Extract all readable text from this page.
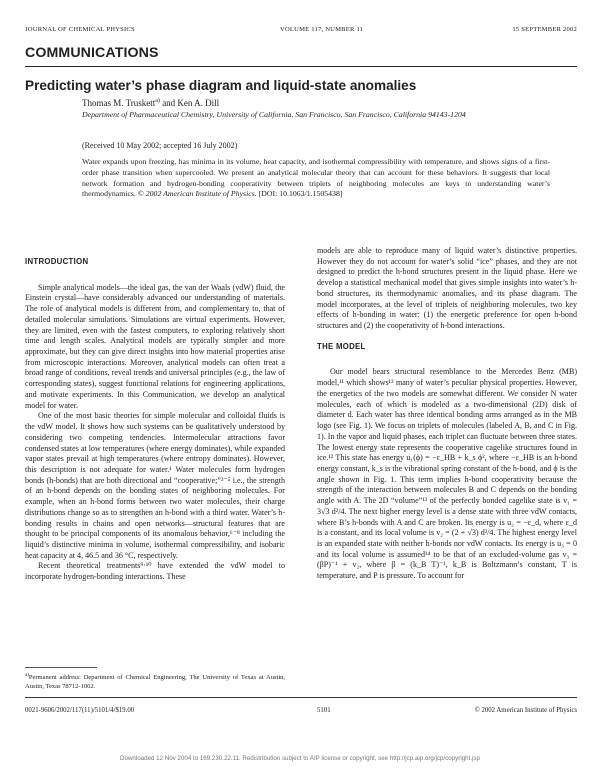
JOURNAL OF CHEMICAL PHYSICS	VOLUME 117, NUMBER 11	15 SEPTEMBER 2002
COMMUNICATIONS
Predicting water’s phase diagram and liquid-state anomalies
Thomas M. Truskett$^{a)}$ and Ken A. Dill
Department of Pharmaceutical Chemistry, University of California, San Francisco, San Francisco, California 94143-1204
(Received 10 May 2002; accepted 16 July 2002)
Water expands upon freezing, has minima in its volume, heat capacity, and isothermal compressibility with temperature, and shows signs of a first-order phase transition when supercooled. We present an analytical molecular theory that can account for these behaviors. It suggests that local network formation and hydrogen-bonding cooperativity between triplets of neighboring molecules are keys to understanding water’s thermodynamics. © 2002 American Institute of Physics. [DOI: 10.1063/1.1505438]
INTRODUCTION

Simple analytical models—the ideal gas, the van der Waals (vdW) fluid, the Einstein crystal—have considerably advanced our understanding of materials. The role of analytical models is different from, and complementary to, that of detailed molecular simulations. Simulations are virtual experiments. However, they are limited, even with the fastest computers, to exploring relatively short time and length scales. Analytical models are typically simpler and more approximate, but they can give direct insights into how material properties arise from microscopic interactions. Moreover, analytical models can often treat a broad range of conditions, reveal trends and universal principles (e.g., the law of corresponding states), suggest functional relations for engineering applications, and motivate experiments. In this Communication, we develop an analytical model for water.

One of the most basic theories for simple molecular and colloidal fluids is the vdW model. It shows how such systems can be qualitatively understood by considering two competing tendencies. Intermolecular attractions favor condensed states at low temperatures (where energy dominates), while expanded vapor states prevail at high temperatures (where entropy dominates). However, this description is not adequate for water.¹ Water molecules form hydrogen bonds (h-bonds) that are both directional and “cooperative;”²⁻⁵ i.e., the strength of an h-bond depends on the bonding states of neighboring molecules. For example, when an h-bond forms between two water molecules, their charge distributions change so as to strengthen an h-bond with a third water. Water’s h-bonding results in chains and open networks—structural features that are thought to be principal components of its anomalous behavior,⁶⁻⁸ including the liquid’s distinctive minima in volume, isothermal compressibility, and isobaric heat capacity at 4, 46.5 and 36 °C, respectively.

Recent theoretical treatments⁹·¹⁰ have extended the vdW model to incorporate hydrogen-bonding interactions. These

models are able to reproduce many of liquid water’s distinctive properties. However they do not account for water’s solid “ice” phases, and they are not designed to predict the h-bond structures present in the liquid phase. Here we develop a statistical mechanical model that gives simple insights into water’s h-bond structures, its thermodynamic anomalies, and its phase diagram. The model incorporates, at the level of triplets of neighboring molecules, two key effects of h-bonding in water: (1) the energetic preference for open h-bond structures and (2) the cooperativity of h-bond interactions.

THE MODEL

Our model bears structural resemblance to the Mercedes Benz (MB) model,¹¹ which shows¹² many of water’s peculiar physical properties. However, the energetics of the two models are somewhat different. We consider N water molecules, each of which is modeled as a two-dimensional (2D) disk of diameter d. Each water has three identical bonding arms arranged as in the MB logo (see Fig. 1). We focus on triplets of molecules (labeled A, B, and C in Fig. 1). In the vapor and liquid phases, each triplet can fluctuate between three states. The lowest energy state represents the cooperative cagelike structures found in ice.¹² This state has energy u₁(ϕ) = −ε_HB + k_s ϕ², where −ε_HB is an h-bond energy constant, k_s is the vibrational spring constant of the h-bond, and ϕ is the angle shown in Fig. 1. This term implies h-bond cooperativity because the strength of the interaction between molecules B and C depends on the bonding angle with A. The 2D “volume”¹³ of the perfectly bonded cagelike state is v₁ = 3√3 d²/4. The next higher energy level is a dense state with three vdW contacts, where B’s h-bonds with A and C are broken. Its energy is u₂ = −ε_d, where ε_d is a constant, and its local volume is v₂ = (2 + √3) d²/4. The highest energy level is an expanded state with neither h-bonds nor vdW contacts. Its energy is u₃ = 0 and its local volume is assumed¹⁴ to be that of an excluded-volume gas v₃ = (βP)⁻¹ + v₂, where β = (k_B T)⁻¹, k_B is Boltzmann’s constant, T is temperature, and P is pressure. To account for

$^{a)}$Permanent address: Department of Chemical Engineering, The University of Texas at Austin, Austin, Texas 78712-1062.
0021-9606/2002/117(11)/5101/4/$19.00	5101	© 2002 American Institute of Physics
Downloaded 12 Nov 2004 to 169.230.22.11. Redistribution subject to AIP license or copyright, see http://jcp.aip.org/jcp/copyright.jsp
